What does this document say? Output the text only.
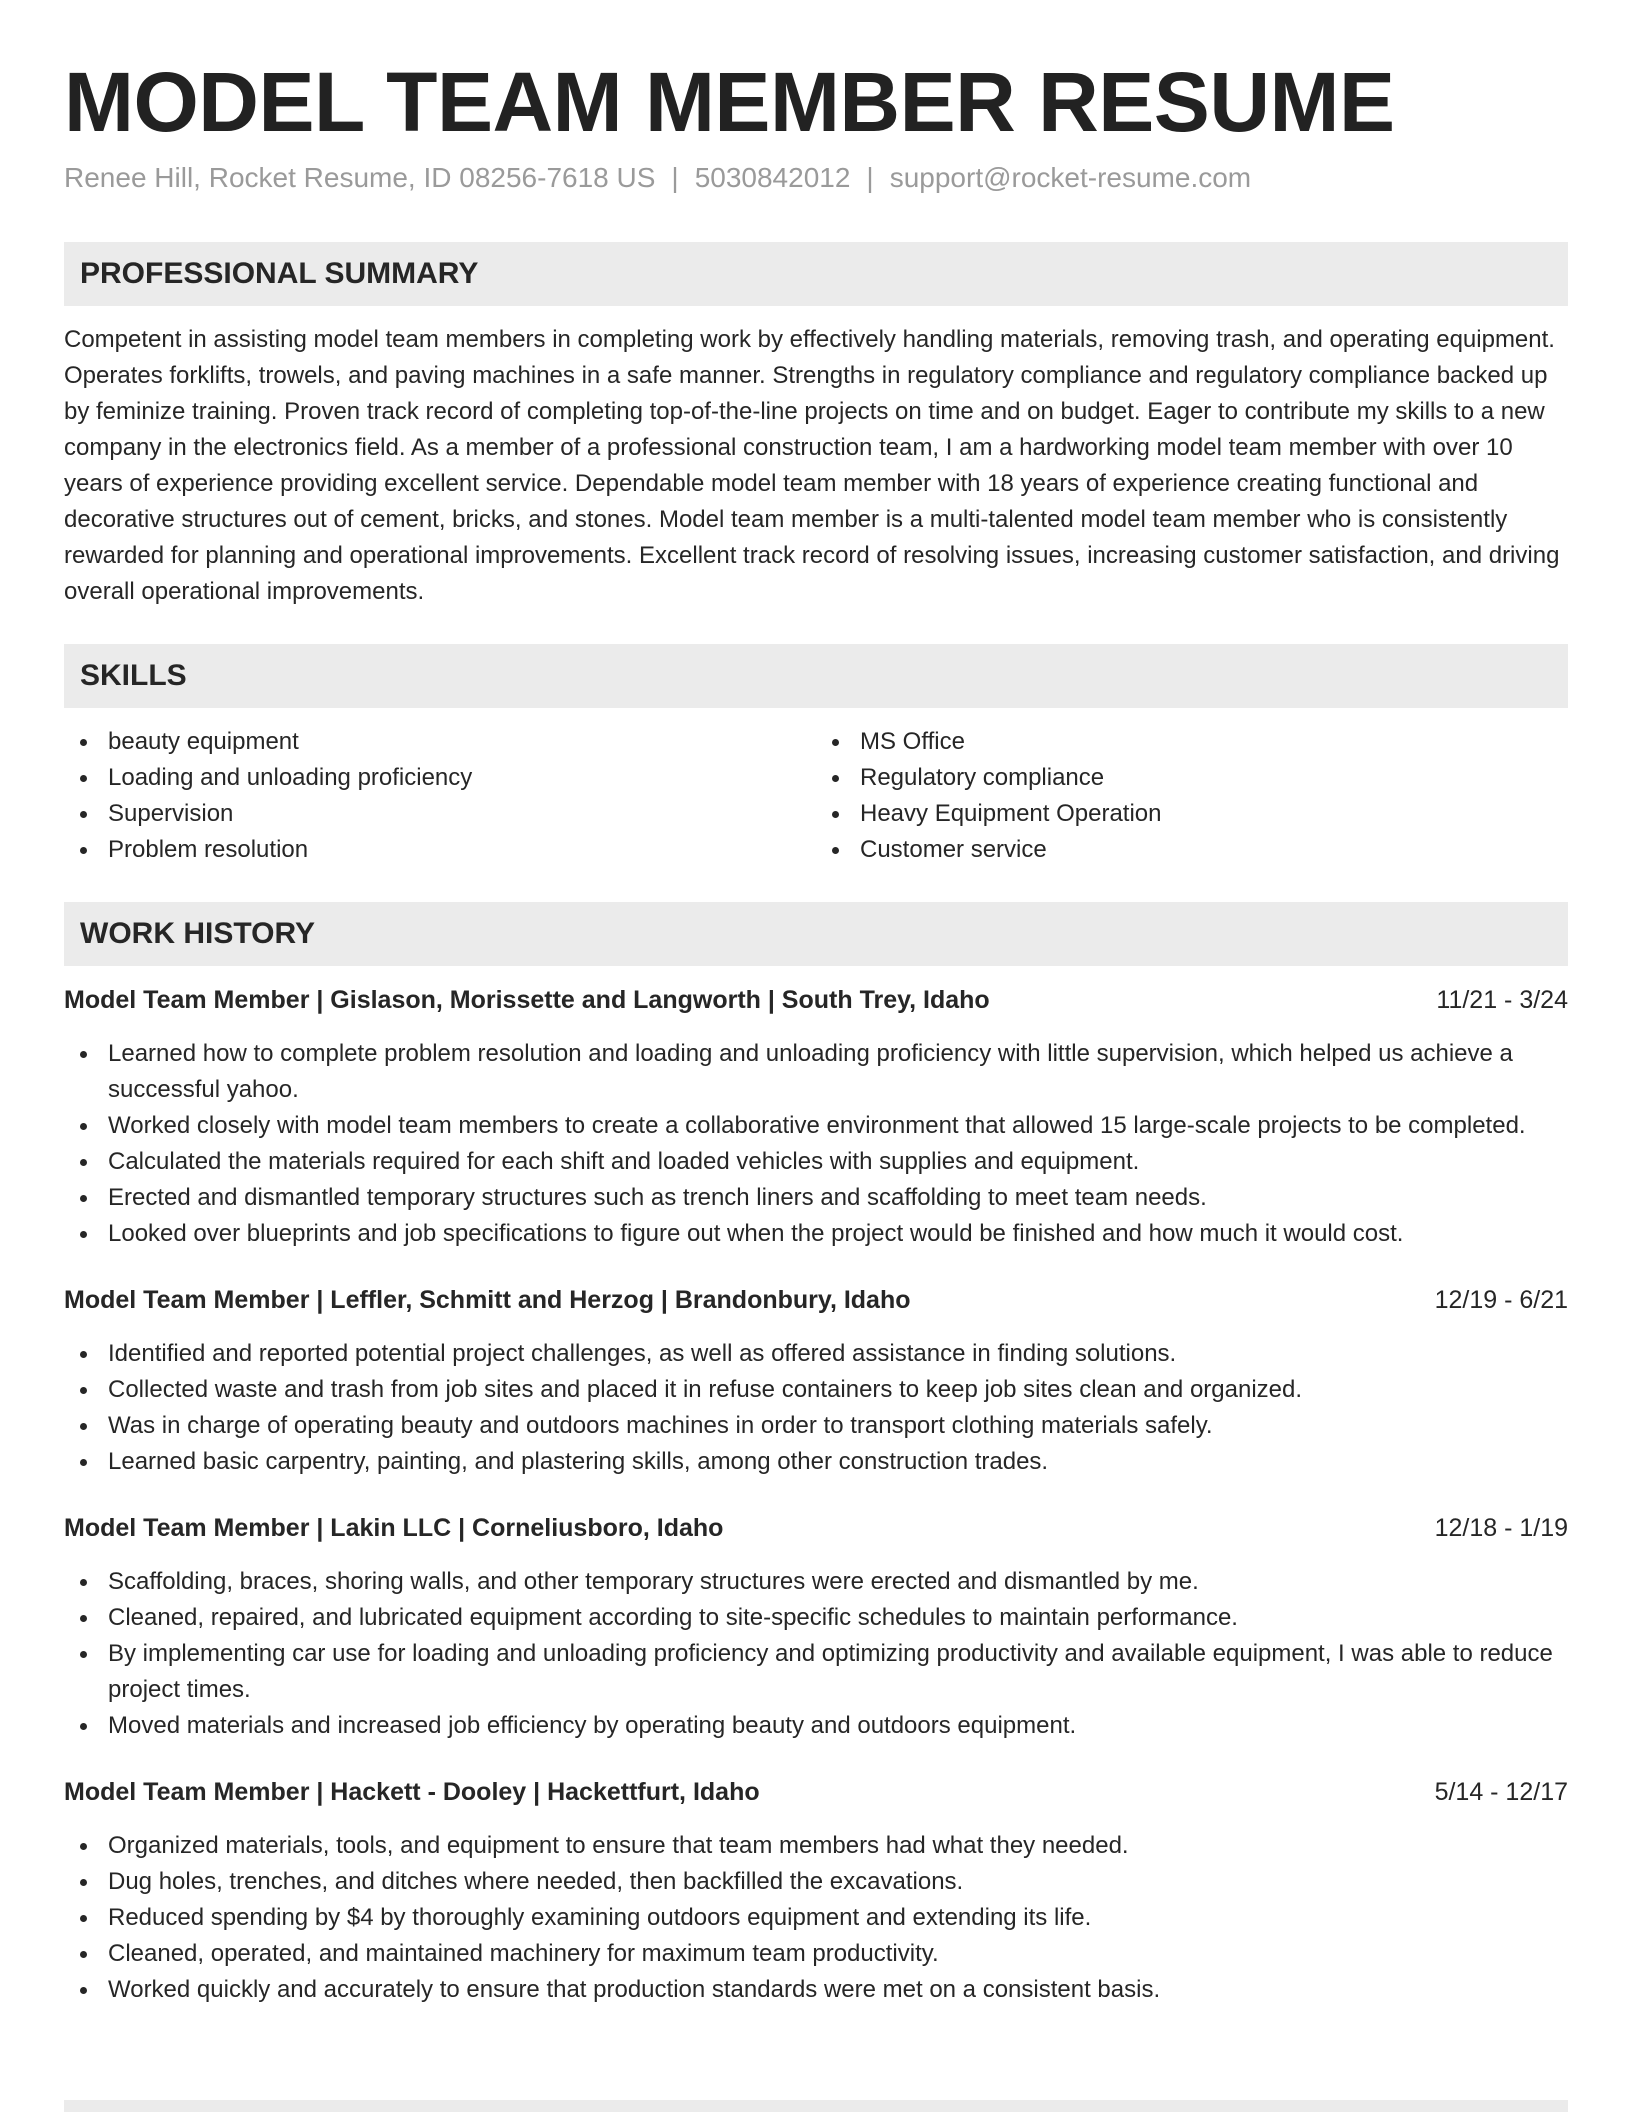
MODEL TEAM MEMBER RESUME
Renee Hill, Rocket Resume, ID 08256-7618 US | 5030842012 | support@rocket-resume.com
PROFESSIONAL SUMMARY

Competent in assisting model team members in completing work by effectively handling materials, removing trash, and operating equipment. Operates forklifts, trowels, and paving machines in a safe manner. Strengths in regulatory compliance and regulatory compliance backed up by feminize training. Proven track record of completing top-of-the-line projects on time and on budget. Eager to contribute my skills to a new company in the electronics field. As a member of a professional construction team, I am a hardworking model team member with over 10 years of experience providing excellent service. Dependable model team member with 18 years of experience creating functional and decorative structures out of cement, bricks, and stones. Model team member is a multi-talented model team member who is consistently rewarded for planning and operational improvements. Excellent track record of resolving issues, increasing customer satisfaction, and driving overall operational improvements.

SKILLS
beauty equipment
Loading and unloading proficiency
Supervision
Problem resolution
MS Office
Regulatory compliance
Heavy Equipment Operation
Customer service
WORK HISTORY
Model Team Member | Gislason, Morissette and Langworth | South Trey, Idaho	11/21 - 3/24
Learned how to complete problem resolution and loading and unloading proficiency with little supervision, which helped us achieve a successful yahoo.
Worked closely with model team members to create a collaborative environment that allowed 15 large-scale projects to be completed.
Calculated the materials required for each shift and loaded vehicles with supplies and equipment.
Erected and dismantled temporary structures such as trench liners and scaffolding to meet team needs.
Looked over blueprints and job specifications to figure out when the project would be finished and how much it would cost.
Model Team Member | Leffler, Schmitt and Herzog | Brandonbury, Idaho	12/19 - 6/21
Identified and reported potential project challenges, as well as offered assistance in finding solutions.
Collected waste and trash from job sites and placed it in refuse containers to keep job sites clean and organized.
Was in charge of operating beauty and outdoors machines in order to transport clothing materials safely.
Learned basic carpentry, painting, and plastering skills, among other construction trades.
Model Team Member | Lakin LLC | Corneliusboro, Idaho	12/18 - 1/19
Scaffolding, braces, shoring walls, and other temporary structures were erected and dismantled by me.
Cleaned, repaired, and lubricated equipment according to site-specific schedules to maintain performance.
By implementing car use for loading and unloading proficiency and optimizing productivity and available equipment, I was able to reduce project times.
Moved materials and increased job efficiency by operating beauty and outdoors equipment.
Model Team Member | Hackett - Dooley | Hackettfurt, Idaho	5/14 - 12/17
Organized materials, tools, and equipment to ensure that team members had what they needed.
Dug holes, trenches, and ditches where needed, then backfilled the excavations.
Reduced spending by $4 by thoroughly examining outdoors equipment and extending its life.
Cleaned, operated, and maintained machinery for maximum team productivity.
Worked quickly and accurately to ensure that production standards were met on a consistent basis.
